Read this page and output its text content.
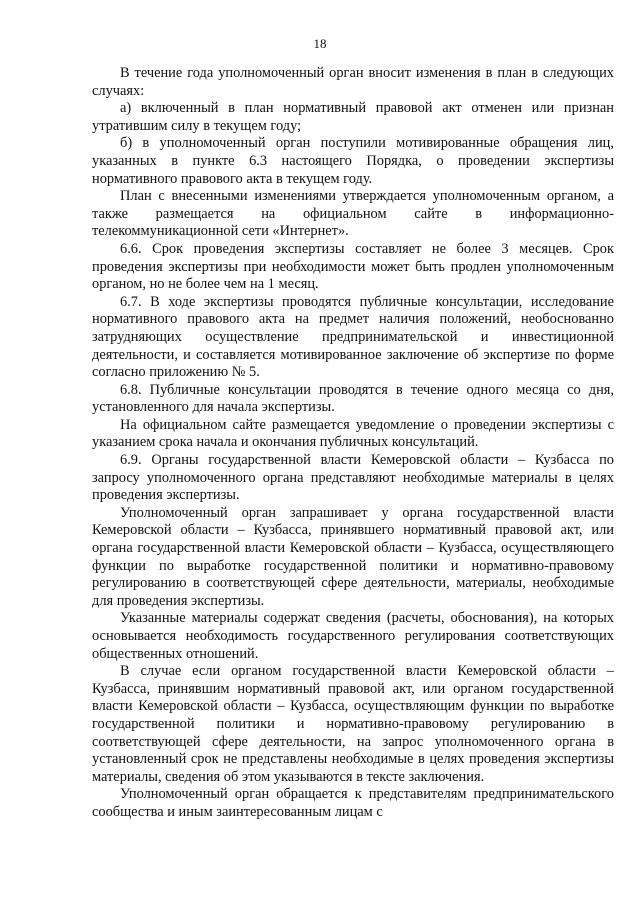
18

В течение года уполномоченный орган вносит изменения в план в следующих случаях:

а) включенный в план нормативный правовой акт отменен или признан утратившим силу в текущем году;

б) в уполномоченный орган поступили мотивированные обращения лиц, указанных в пункте 6.3 настоящего Порядка, о проведении экспертизы нормативного правового акта в текущем году.

План с внесенными изменениями утверждается уполномоченным органом, а также размещается на официальном сайте в информационно-телекоммуникационной сети «Интернет».

6.6. Срок проведения экспертизы составляет не более 3 месяцев. Срок проведения экспертизы при необходимости может быть продлен уполномоченным органом, но не более чем на 1 месяц.

6.7. В ходе экспертизы проводятся публичные консультации, исследование нормативного правового акта на предмет наличия положений, необоснованно затрудняющих осуществление предпринимательской и инвестиционной деятельности, и составляется мотивированное заключение об экспертизе по форме согласно приложению № 5.

6.8. Публичные консультации проводятся в течение одного месяца со дня, установленного для начала экспертизы.

На официальном сайте размещается уведомление о проведении экспертизы с указанием срока начала и окончания публичных консультаций.

6.9. Органы государственной власти Кемеровской области – Кузбасса по запросу уполномоченного органа представляют необходимые материалы в целях проведения экспертизы.

Уполномоченный орган запрашивает у органа государственной власти Кемеровской области – Кузбасса, принявшего нормативный правовой акт, или органа государственной власти Кемеровской области – Кузбасса, осуществляющего функции по выработке государственной политики и нормативно-правовому регулированию в соответствующей сфере деятельности, материалы, необходимые для проведения экспертизы.

Указанные материалы содержат сведения (расчеты, обоснования), на которых основывается необходимость государственного регулирования соответствующих общественных отношений.

В случае если органом государственной власти Кемеровской области – Кузбасса, принявшим нормативный правовой акт, или органом государственной власти Кемеровской области – Кузбасса, осуществляющим функции по выработке государственной политики и нормативно-правовому регулированию в соответствующей сфере деятельности, на запрос уполномоченного органа в установленный срок не представлены необходимые в целях проведения экспертизы материалы, сведения об этом указываются в тексте заключения.

Уполномоченный орган обращается к представителям предпринимательского сообщества и иным заинтересованным лицам с
